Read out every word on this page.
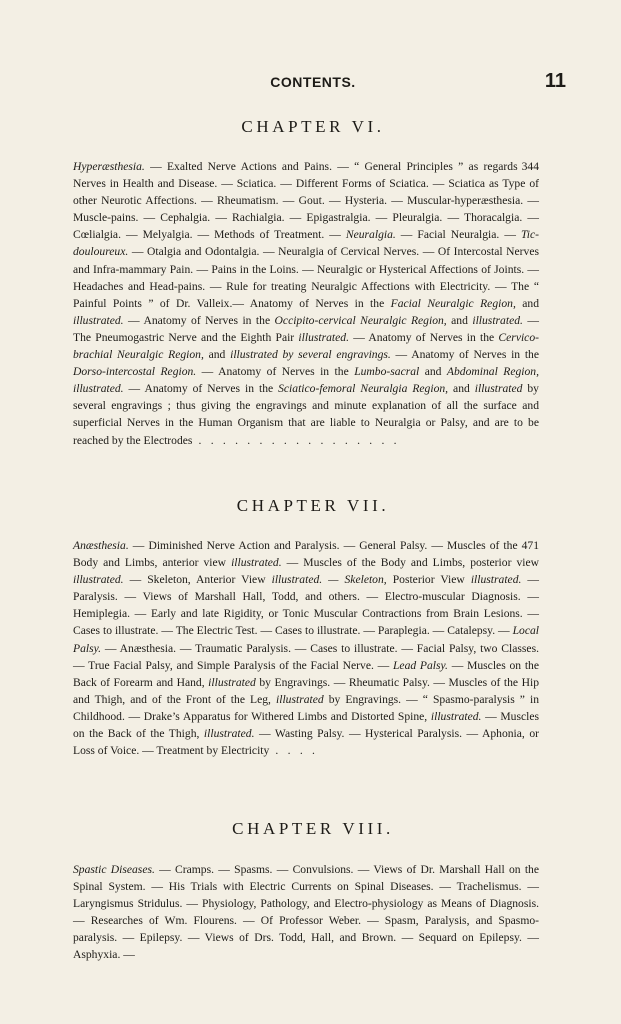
CONTENTS.	11
CHAPTER VI.
344
Hyperæsthesia. — Exalted Nerve Actions and Pains. — “ General Principles ” as regards Nerves in Health and Disease. — Sciatica. — Different Forms of Sciatica. — Sciatica as Type of other Neurotic Affections. — Rheumatism. — Gout. — Hysteria. — Muscular-hyperæsthesia. — Muscle-pains. — Cephalgia. — Rachialgia. — Epigastralgia. — Pleuralgia. — Thoracalgia. — Cœlialgia. — Melyalgia. — Methods of Treatment. — Neuralgia. — Facial Neuralgia. — Tic-douloureux. — Otalgia and Odontalgia. — Neuralgia of Cervical Nerves. — Of Intercostal Nerves and Infra-mammary Pain. — Pains in the Loins. — Neuralgic or Hysterical Affections of Joints. — Headaches and Head-pains. — Rule for treating Neuralgic Affections with Electricity. — The “ Painful Points ” of Dr. Valleix.— Anatomy of Nerves in the Facial Neuralgic Region, and illustrated. — Anatomy of Nerves in the Occipito-cervical Neuralgic Region, and illustrated. — The Pneumogastric Nerve and the Eighth Pair illustrated. — Anatomy of Nerves in the Cervico-brachial Neuralgic Region, and illustrated by several engravings. — Anatomy of Nerves in the Dorso-intercostal Region. — Anatomy of Nerves in the Lumbo-sacral and Abdominal Region, illustrated. — Anatomy of Nerves in the Sciatico-femoral Neuralgia Region, and illustrated by several engravings ; thus giving the engravings and minute explanation of all the surface and superficial Nerves in the Human Organism that are liable to Neuralgia or Palsy, and are to be reached by the Electrodes . . . . . . . . . . . . . . . . .
CHAPTER VII.
471
Anæsthesia. — Diminished Nerve Action and Paralysis. — General Palsy. — Muscles of the Body and Limbs, anterior view illustrated. — Muscles of the Body and Limbs, posterior view illustrated. — Skeleton, Anterior View illustrated. — Skeleton, Posterior View illustrated. — Paralysis. — Views of Marshall Hall, Todd, and others. — Electro-muscular Diagnosis. — Hemiplegia. — Early and late Rigidity, or Tonic Muscular Contractions from Brain Lesions. — Cases to illustrate. — The Electric Test. — Cases to illustrate. — Paraplegia. — Catalepsy. — Local Palsy. — Anæsthesia. — Traumatic Paralysis. — Cases to illustrate. — Facial Palsy, two Classes. — True Facial Palsy, and Simple Paralysis of the Facial Nerve. — Lead Palsy. — Muscles on the Back of Forearm and Hand, illustrated by Engravings. — Rheumatic Palsy. — Muscles of the Hip and Thigh, and of the Front of the Leg, illustrated by Engravings. — “ Spasmo-paralysis ” in Childhood. — Drake’s Apparatus for Withered Limbs and Distorted Spine, illustrated. — Muscles on the Back of the Thigh, illustrated. — Wasting Palsy. — Hysterical Paralysis. — Aphonia, or Loss of Voice. — Treatment by Electricity . . . .
CHAPTER VIII.
Spastic Diseases. — Cramps. — Spasms. — Convulsions. — Views of Dr. Marshall Hall on the Spinal System. — His Trials with Electric Currents on Spinal Diseases. — Trachelismus. — Laryngismus Stridulus. — Physiology, Pathology, and Electro-physiology as Means of Diagnosis. — Researches of Wm. Flourens. — Of Professor Weber. — Spasm, Paralysis, and Spasmo-paralysis. — Epilepsy. — Views of Drs. Todd, Hall, and Brown. — Sequard on Epilepsy. — Asphyxia. —
